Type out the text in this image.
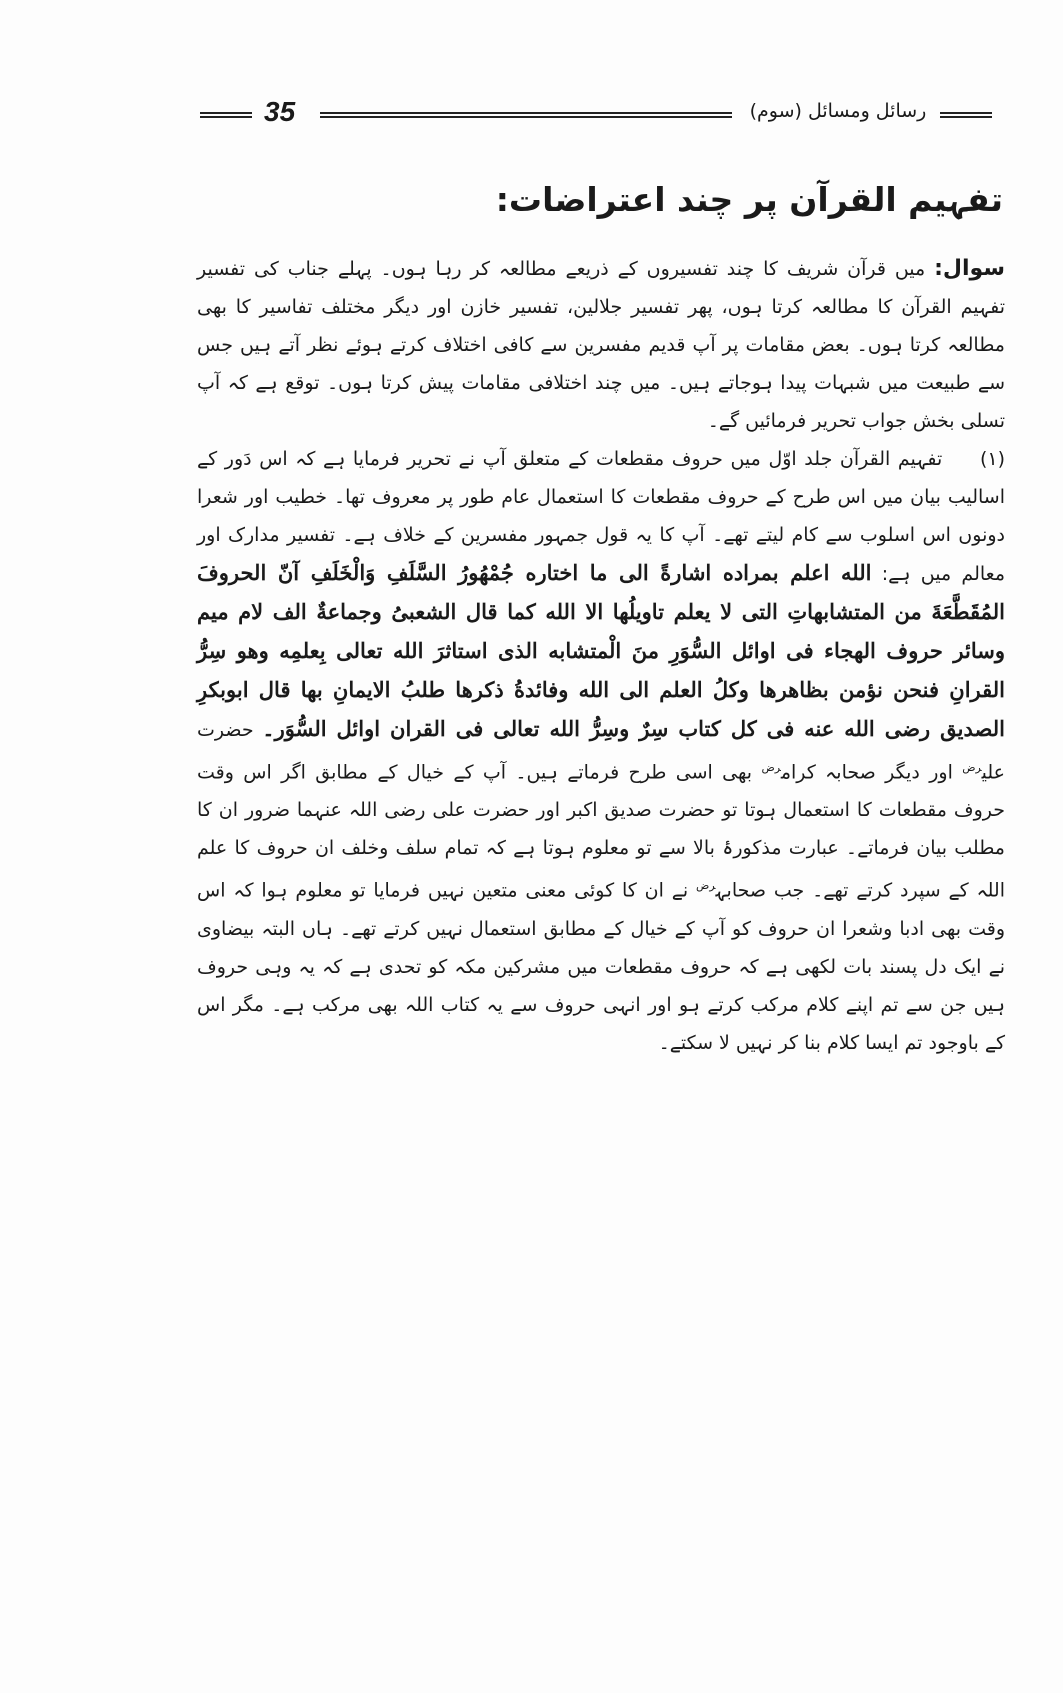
35	رسائل ومسائل (سوم)
تفہیم القرآن پر چند اعتراضات:

سوال: میں قرآن شریف کا چند تفسیروں کے ذریعے مطالعہ کر رہا ہوں۔ پہلے جناب کی تفسیر تفہیم القرآن کا مطالعہ کرتا ہوں، پھر تفسیر جلالین، تفسیر خازن اور دیگر مختلف تفاسیر کا بھی مطالعہ کرتا ہوں۔ بعض مقامات پر آپ قدیم مفسرین سے کافی اختلاف کرتے ہوئے نظر آتے ہیں جس سے طبیعت میں شبہات پیدا ہوجاتے ہیں۔ میں چند اختلافی مقامات پیش کرتا ہوں۔ توقع ہے کہ آپ تسلی بخش جواب تحریر فرمائیں گے۔

(۱) تفہیم القرآن جلد اوّل میں حروف مقطعات کے متعلق آپ نے تحریر فرمایا ہے کہ اس دَور کے اسالیب بیان میں اس طرح کے حروف مقطعات کا استعمال عام طور پر معروف تھا۔ خطیب اور شعرا دونوں اس اسلوب سے کام لیتے تھے۔ آپ کا یہ قول جمہور مفسرین کے خلاف ہے۔ تفسیر مدارک اور معالم میں ہے: الله اعلم بمراده اشارةً الى ما اختاره جُمْهُورُ السَّلَفِ وَالْخَلَفِ آنّ الحروفَ المُقَطَّعَةَ من المتشابهاتِ التى لا يعلم تاويلُها الا الله كما قال الشعبىُ وجماعةٌ الف لام ميم وسائر حروف الهجاء فى اوائل السُّوَرِ منَ الْمتشابه الذى استاثرَ الله تعالى بِعلمِه وهو سِرُّ القرانِ فنحن نؤمن بظاهرها وكلُ العلم الى الله وفائدةُ ذكرها طلبُ الايمانِ بها قال ابوبكرِ الصديق رضى الله عنه فى كل كتاب سِرٌ وسِرُّ الله تعالى فى القران اوائل السُّوَر۔ حضرت علی$^{رض}$ اور دیگر صحابہ کرام$^{رض}$ بھی اسی طرح فرماتے ہیں۔ آپ کے خیال کے مطابق اگر اس وقت حروف مقطعات کا استعمال ہوتا تو حضرت صدیق اکبر اور حضرت علی رضی اللہ عنہما ضرور ان کا مطلب بیان فرماتے۔ عبارت مذکورۂ بالا سے تو معلوم ہوتا ہے کہ تمام سلف وخلف ان حروف کا علم اللہ کے سپرد کرتے تھے۔ جب صحابہ$^{رض}$ نے ان کا کوئی معنی متعین نہیں فرمایا تو معلوم ہوا کہ اس وقت بھی ادبا وشعرا ان حروف کو آپ کے خیال کے مطابق استعمال نہیں کرتے تھے۔ ہاں البتہ بیضاوی نے ایک دل پسند بات لکھی ہے کہ حروف مقطعات میں مشرکین مکہ کو تحدی ہے کہ یہ وہی حروف ہیں جن سے تم اپنے کلام مرکب کرتے ہو اور انہی حروف سے یہ کتاب اللہ بھی مرکب ہے۔ مگر اس کے باوجود تم ایسا کلام بنا کر نہیں لا سکتے۔
